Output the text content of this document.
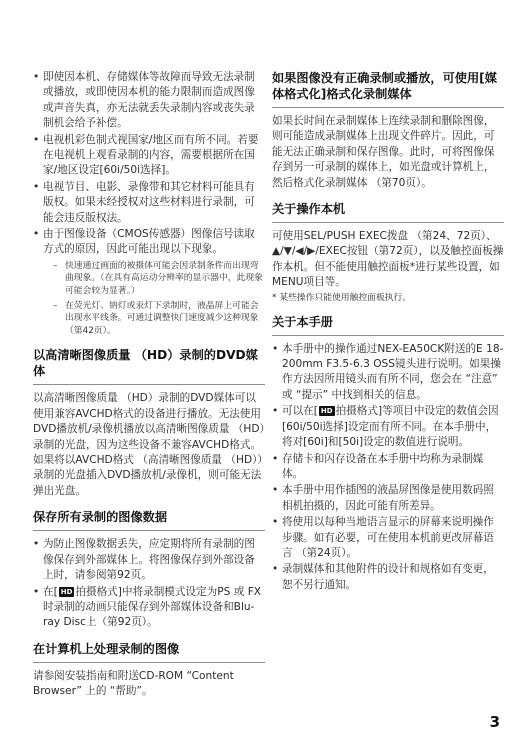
• 即使因本机、存储媒体等故障而导致无法录制或播放，或即使因本机的能力限制而造成图像或声音失真，亦无法就丢失录制内容或丧失录制机会给予补偿。
• 电视机彩色制式视国家/地区而有所不同。若要在电视机上观看录制的内容，需要根据所在国家/地区设定[60i/50i选择]。
• 电视节目、电影、录像带和其它材料可能具有版权。如果未经授权对这些材料进行录制，可能会违反版权法。
• 由于图像设备（CMOS传感器）图像信号读取方式的原因，因此可能出现以下现象。
– 快速通过画面的被摄体可能会因录制条件而出现弯曲现象。（在具有高运动分辨率的显示器中，此现象可能会较为显著。）
– 在荧光灯、钠灯或汞灯下录制时，液晶屏上可能会出现水平线条。可通过调整快门速度减少这种现象（第42页）。
以高清晰图像质量 （HD）录制的DVD媒体

以高清晰图像质量 （HD）录制的DVD媒体可以使用兼容AVCHD格式的设备进行播放。无法使用DVD播放机/录像机播放以高清晰图像质量 （HD）录制的光盘，因为这些设备不兼容AVCHD格式。如果将以AVCHD格式 （高清晰图像质量 （HD））录制的光盘插入DVD播放机/录像机，则可能无法弹出光盘。

保存所有录制的图像数据
• 为防止图像数据丢失，应定期将所有录制的图像保存到外部媒体上。将图像保存到外部设备上时，请参阅第92页。
• 在[ HD 拍摄格式]中将录制模式设定为PS 或 FX 时录制的动画只能保存到外部媒体设备和Blu-ray Disc上（第92页）。
在计算机上处理录制的图像

请参阅安装指南和附送CD-ROM “Content Browser” 上的 “帮助”。

如果图像没有正确录制或播放，可使用[媒体格式化]格式化录制媒体

如果长时间在录制媒体上连续录制和删除图像，则可能造成录制媒体上出现文件碎片。因此，可能无法正确录制和保存图像。此时，可将图像保存到另一可录制的媒体上，如光盘或计算机上，然后格式化录制媒体 （第70页）。

关于操作本机

可使用SEL/PUSH EXEC拨盘 （第24、72页）、▲/▼/◀/▶/EXEC按钮（第72页），以及触控面板操作本机。但不能使用触控面板*进行某些设置，如MENU项目等。

* 某些操作只能使用触控面板执行。

关于本手册
• 本手册中的操作通过NEX-EA50CK附送的E 18-200mm F3.5-6.3 OSS镜头进行说明。如果操作方法因所用镜头而有所不同，您会在 “注意” 或 “提示” 中找到相关的信息。
• 可以在[ HD 拍摄格式]等项目中设定的数值会因[60i/50i选择]设定而有所不同。在本手册中，将对[60i]和[50i]设定的数值进行说明。
• 存储卡和闪存设备在本手册中均称为录制媒体。
• 本手册中用作插图的液晶屏图像是使用数码照相机拍摄的，因此可能有所差异。
• 将使用以每种当地语言显示的屏幕来说明操作步骤。如有必要，可在使用本机前更改屏幕语言 （第24页）。
• 录制媒体和其他附件的设计和规格如有变更，恕不另行通知。
3
